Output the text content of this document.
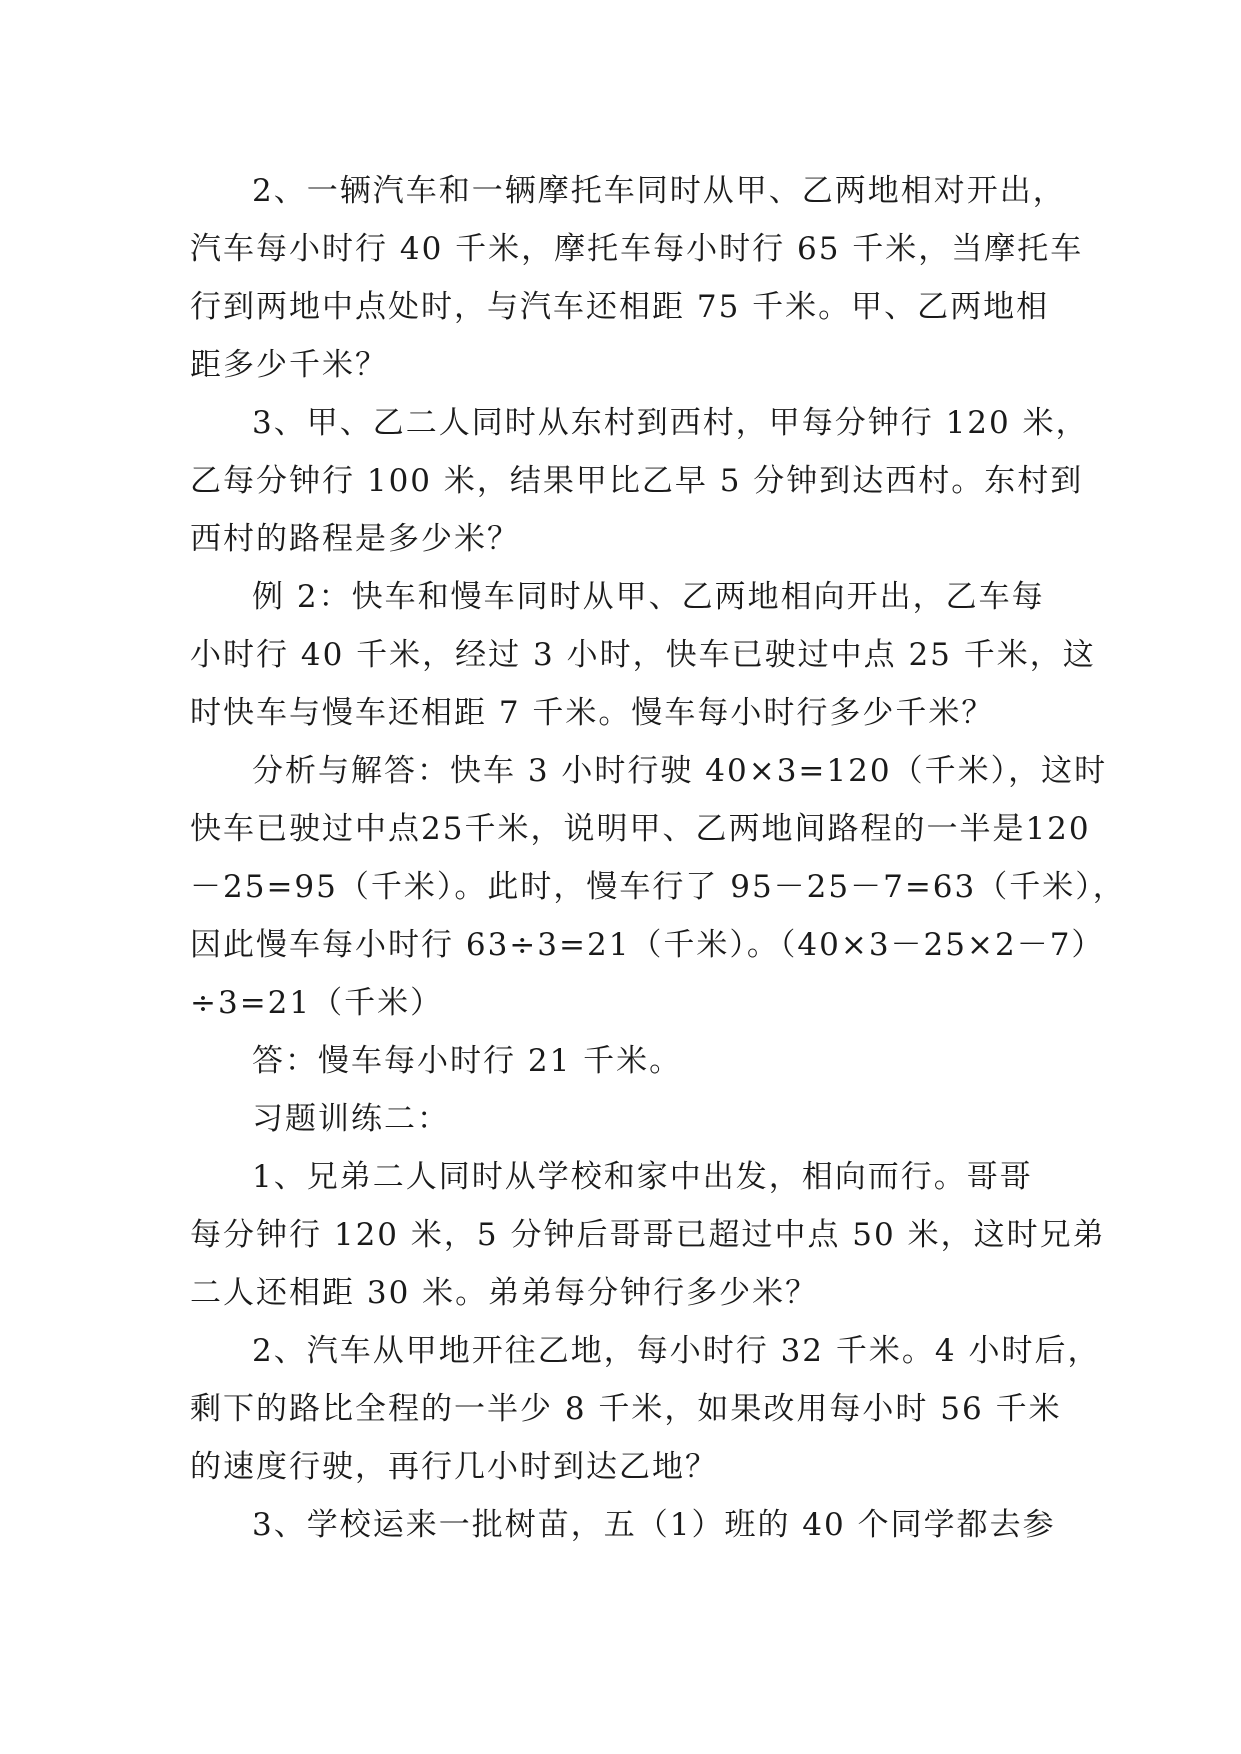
2、一辆汽车和一辆摩托车同时从甲、乙两地相对开出，
汽车每小时行 40 千米，摩托车每小时行 65 千米，当摩托车
行到两地中点处时，与汽车还相距 75 千米。甲、乙两地相
距多少千米？
3、甲、乙二人同时从东村到西村，甲每分钟行 120 米，
乙每分钟行 100 米，结果甲比乙早 5 分钟到达西村。东村到
西村的路程是多少米？
例 2：快车和慢车同时从甲、乙两地相向开出，乙车每
小时行 40 千米，经过 3 小时，快车已驶过中点 25 千米，这
时快车与慢车还相距 7 千米。慢车每小时行多少千米？
分析与解答：快车 3 小时行驶 40×3=120（千米），这时
快车已驶过中点25千米，说明甲、乙两地间路程的一半是120
－25=95（千米）。此时，慢车行了 95－25－7=63（千米），
因此慢车每小时行 63÷3=21（千米）。（40×3－25×2－7）
÷3=21（千米）
答：慢车每小时行 21 千米。
习题训练二：
1、兄弟二人同时从学校和家中出发，相向而行。哥哥
每分钟行 120 米，5 分钟后哥哥已超过中点 50 米，这时兄弟
二人还相距 30 米。弟弟每分钟行多少米？
2、汽车从甲地开往乙地，每小时行 32 千米。4 小时后，
剩下的路比全程的一半少 8 千米，如果改用每小时 56 千米
的速度行驶，再行几小时到达乙地？
3、学校运来一批树苗，五（1）班的 40 个同学都去参
